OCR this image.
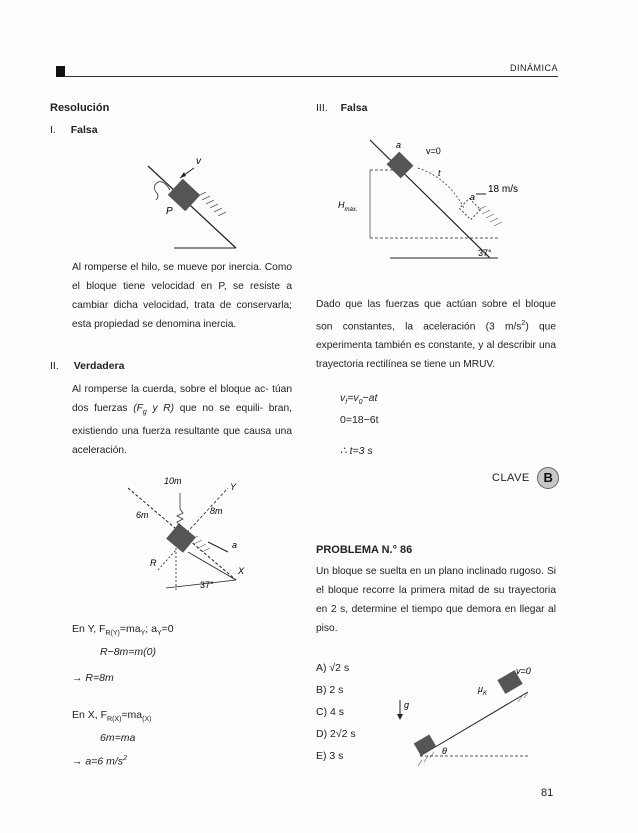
DINÁMICA
Resolución
I. Falsa
v
P
Al romperse el hilo, se mueve por inercia. Como el bloque tiene velocidad en P, se resiste a cambiar dicha velocidad, trata de conservarla; esta propiedad se denomina inercia.
II. Verdadera
Al romperse la cuerda, sobre el bloque ac- túan dos fuerzas ($F_g$ y R) que no se equili- bran, existiendo una fuerza resultante que causa una aceleración.
10m
6m	8m
Y
X
R
a
37°
En Y, $F_{R(Y)}=ma_Y$; $a_Y=0$
R−8m=m(0)
→ R=8m
En X, $F_{R(X)}=ma_{(X)}$
6m=ma
→ a=6 $m/s^2$
III. Falsa
a
v=0
t
18 m/s
a
$H_{máx.}$
37°
Dado que las fuerzas que actúan sobre el bloque son constantes, la aceleración (3 $m/s^2$) que experimenta también es constante, y al describir una trayectoria rectilínea se tiene un MRUV.
$v_f=v_0-at$
0=18−6t
∴ t=3 s
CLAVE B
PROBLEMA N.° 86
Un bloque se suelta en un plano inclinado rugoso. Si el bloque recorre la primera mitad de su trayectoria en 2 s, determine el tiempo que demora en llegar al piso.
A) √2 s
B) 2 s
C) 4 s
D) 2√2 s
E) 3 s
v=0
$\mu_K$
g
θ
81
